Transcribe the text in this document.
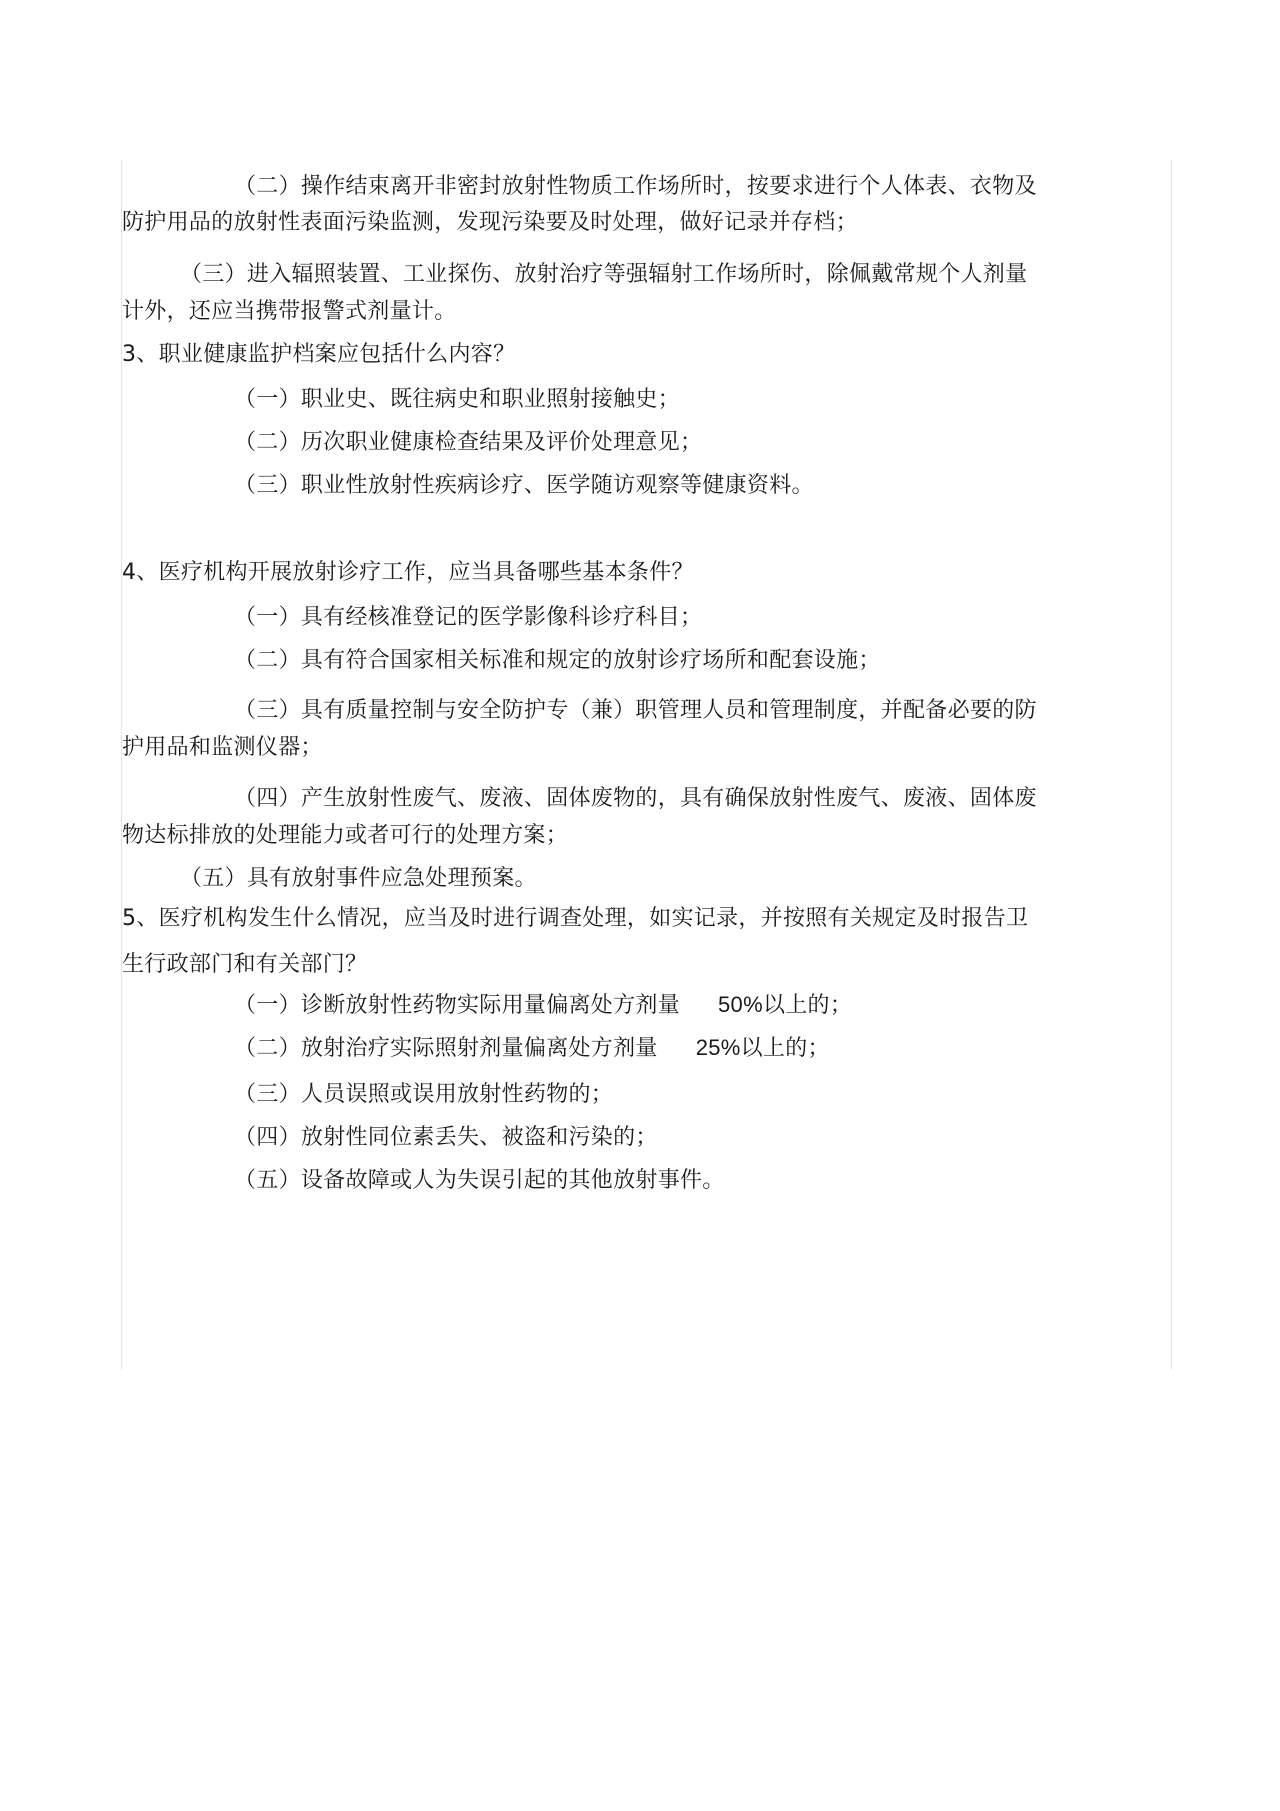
（二）操作结束离开非密封放射性物质工作场所时，按要求进行个人体表、衣物及
防护用品的放射性表面污染监测，发现污染要及时处理，做好记录并存档；
（三）进入辐照装置、工业探伤、放射治疗等强辐射工作场所时，除佩戴常规个人剂量
计外，还应当携带报警式剂量计。
3、职业健康监护档案应包括什么内容？
（一）职业史、既往病史和职业照射接触史；
（二）历次职业健康检查结果及评价处理意见；
（三）职业性放射性疾病诊疗、医学随访观察等健康资料。
4、医疗机构开展放射诊疗工作，应当具备哪些基本条件？
（一）具有经核准登记的医学影像科诊疗科目；
（二）具有符合国家相关标准和规定的放射诊疗场所和配套设施；
（三）具有质量控制与安全防护专（兼）职管理人员和管理制度，并配备必要的防
护用品和监测仪器；
（四）产生放射性废气、废液、固体废物的，具有确保放射性废气、废液、固体废
物达标排放的处理能力或者可行的处理方案；
（五）具有放射事件应急处理预案。
5、医疗机构发生什么情况，应当及时进行调查处理，如实记录，并按照有关规定及时报告卫
生行政部门和有关部门？
（一）诊断放射性药物实际用量偏离处方剂量 50%以上的；
（二）放射治疗实际照射剂量偏离处方剂量 25%以上的；
（三）人员误照或误用放射性药物的；
（四）放射性同位素丢失、被盗和污染的；
（五）设备故障或人为失误引起的其他放射事件。
